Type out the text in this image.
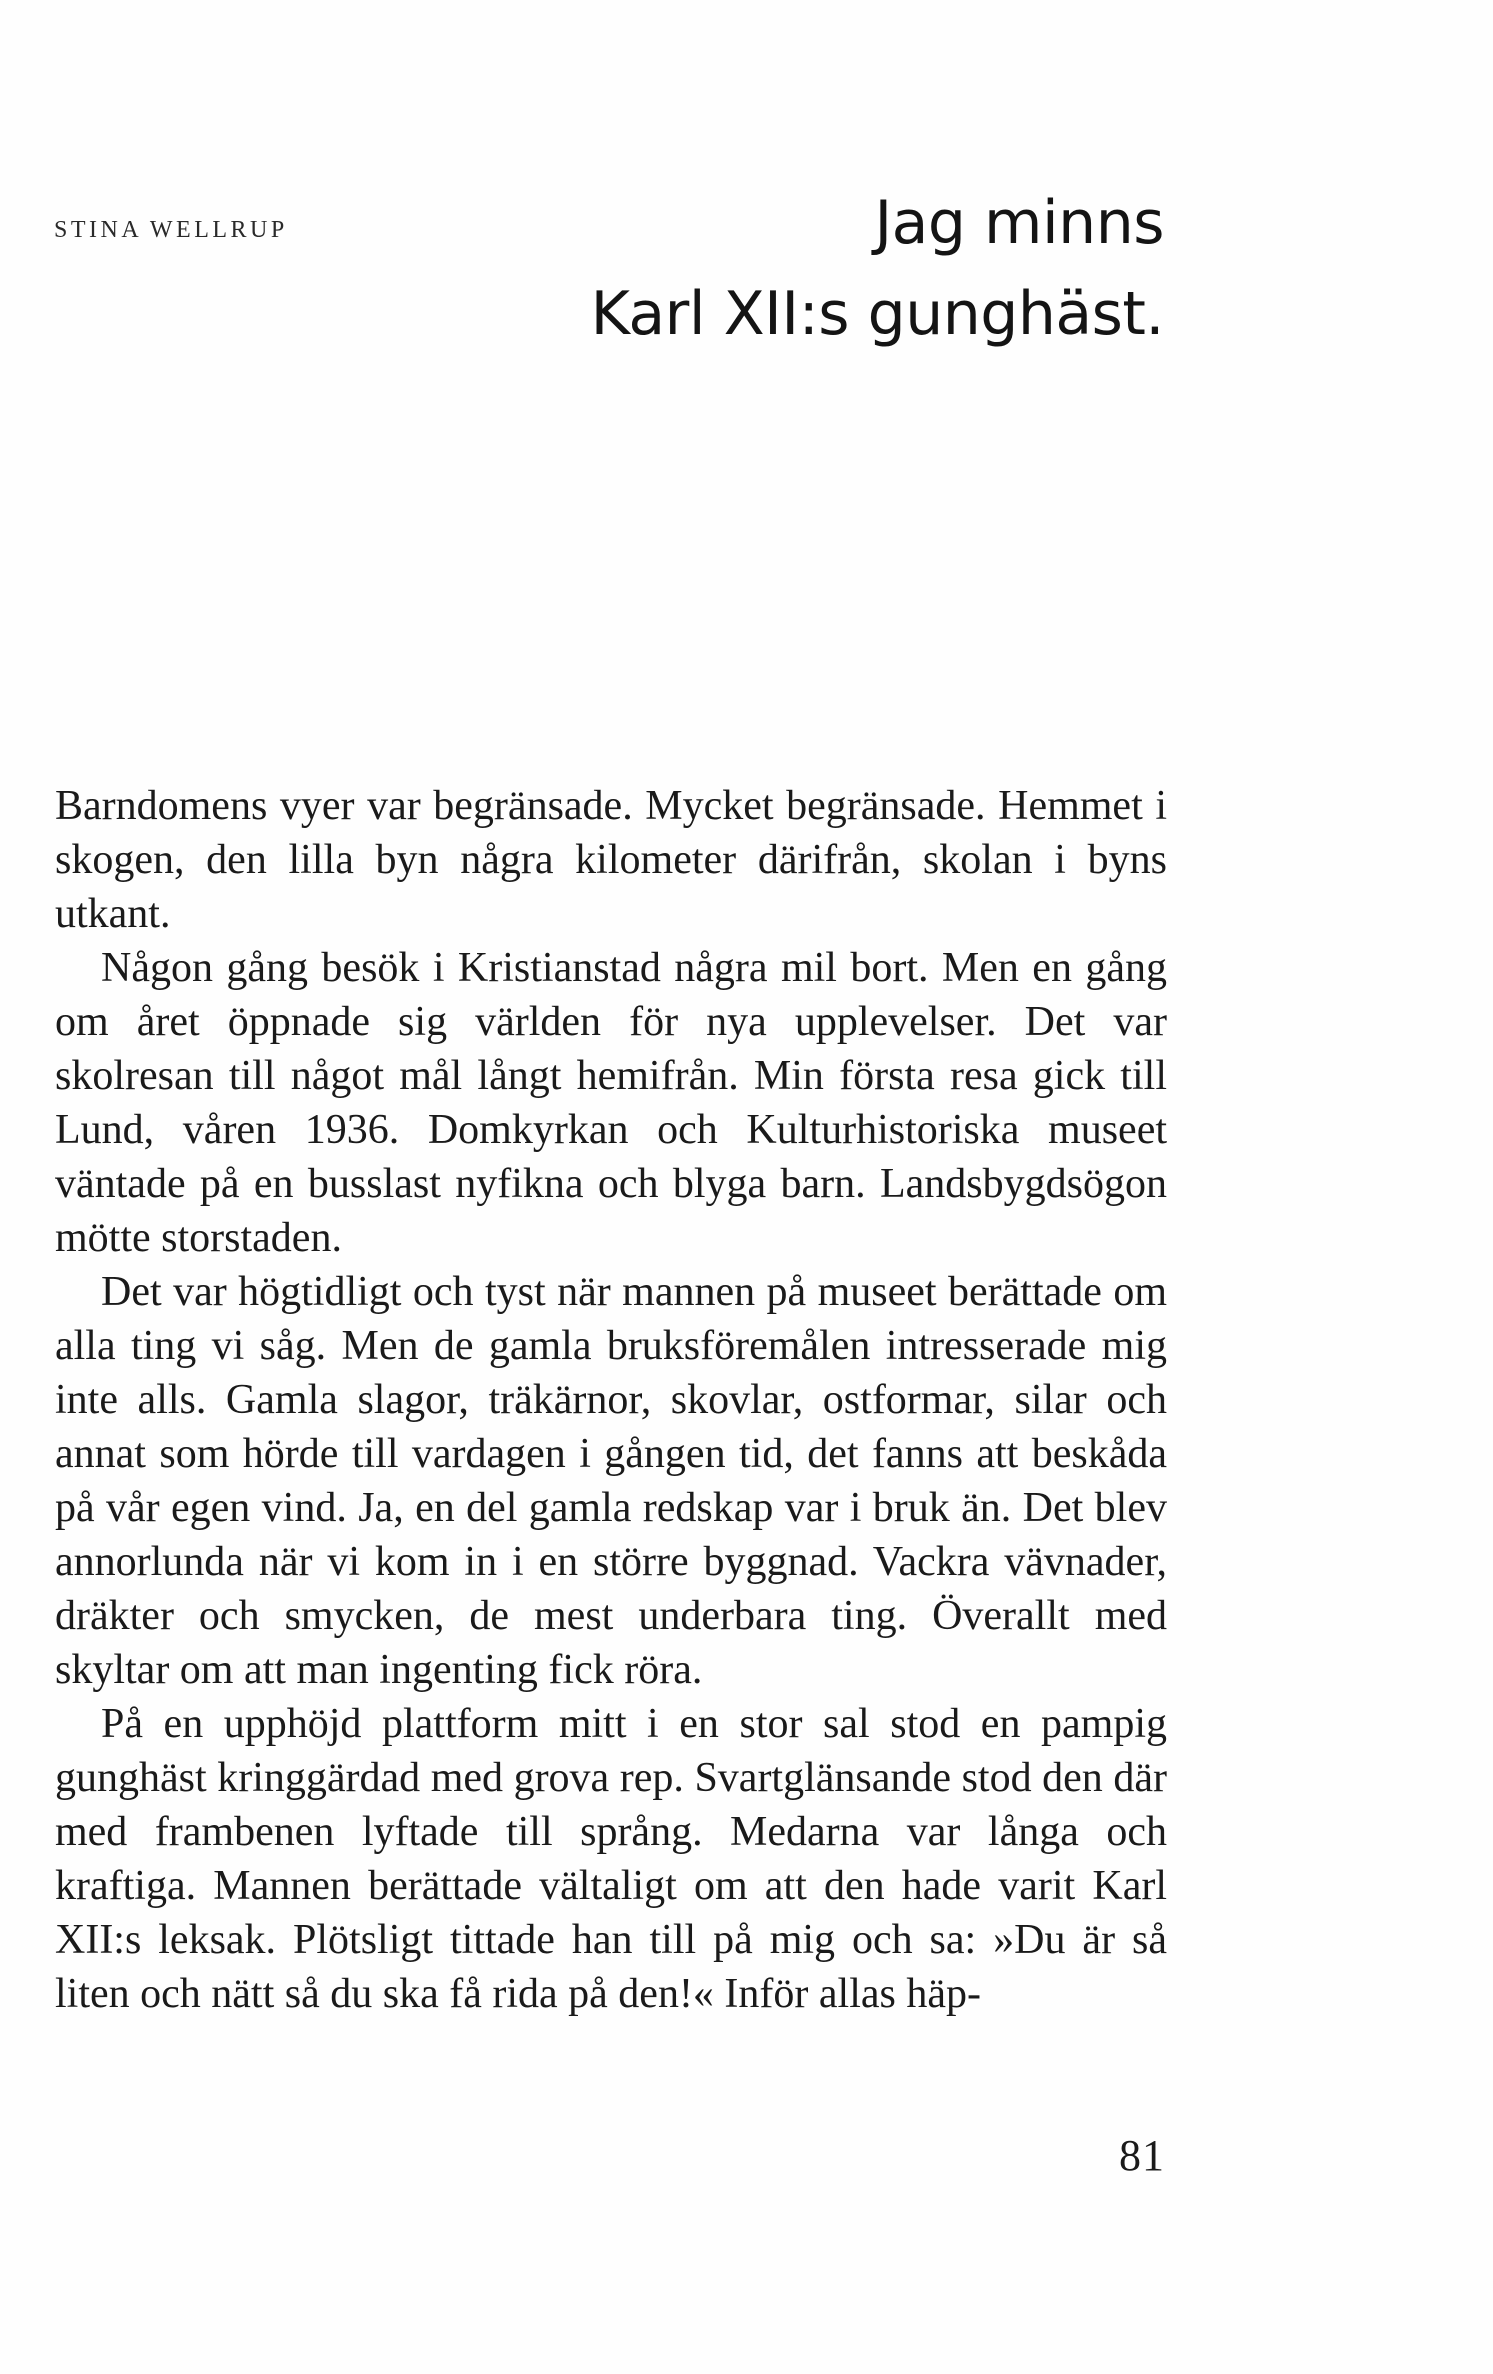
STINA WELLRUP	Jag minns
Karl XII:s gunghäst.

Barndomens vyer var begränsade. Mycket begränsade. Hemmet i skogen, den lilla byn några kilometer därifrån, skolan i byns utkant.

Någon gång besök i Kristianstad några mil bort. Men en gång om året öppnade sig världen för nya upplevelser. Det var skolresan till något mål långt hemifrån. Min första resa gick till Lund, våren 1936. Domkyrkan och Kulturhistoriska museet väntade på en busslast nyfikna och blyga barn. Landsbygdsögon mötte storstaden.

Det var högtidligt och tyst när mannen på museet berättade om alla ting vi såg. Men de gamla bruksföremålen intresserade mig inte alls. Gamla slagor, träkärnor, skovlar, ostformar, silar och annat som hörde till vardagen i gången tid, det fanns att beskåda på vår egen vind. Ja, en del gamla redskap var i bruk än. Det blev annorlunda när vi kom in i en större byggnad. Vackra vävnader, dräkter och smycken, de mest underbara ting. Överallt med skyltar om att man ingenting fick röra.

På en upphöjd plattform mitt i en stor sal stod en pampig gunghäst kringgärdad med grova rep. Svartglänsande stod den där med frambenen lyftade till språng. Medarna var långa och kraftiga. Mannen berättade vältaligt om att den hade varit Karl XII:s leksak. Plötsligt tittade han till på mig och sa: »Du är så liten och nätt så du ska få rida på den!« Inför allas häp-

81
